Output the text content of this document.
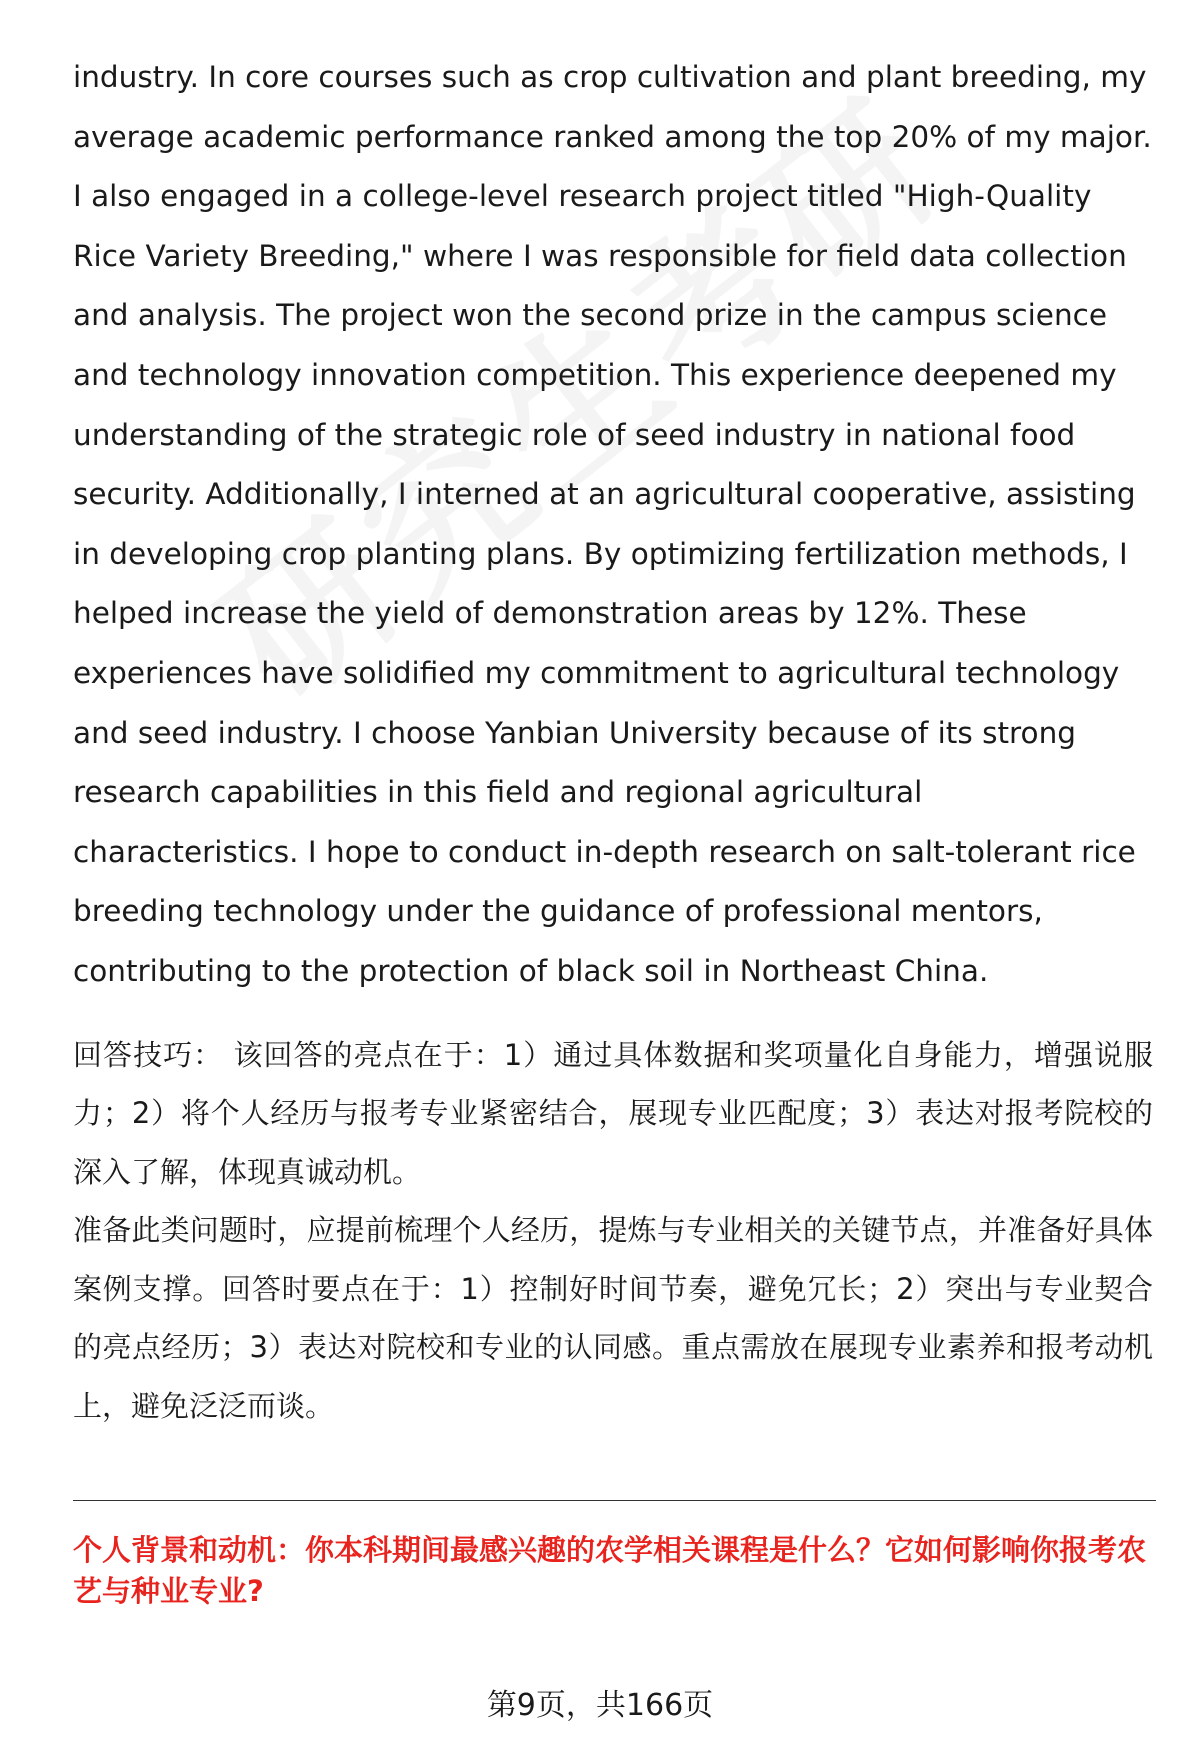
industry. In core courses such as crop cultivation and plant breeding, my average academic performance ranked among the top 20% of my major. I also engaged in a college-level research project titled "High-Quality Rice Variety Breeding," where I was responsible for field data collection and analysis. The project won the second prize in the campus science and technology innovation competition. This experience deepened my understanding of the strategic role of seed industry in national food security. Additionally, I interned at an agricultural cooperative, assisting in developing crop planting plans. By optimizing fertilization methods, I helped increase the yield of demonstration areas by 12%. These experiences have solidified my commitment to agricultural technology and seed industry. I choose Yanbian University because of its strong research capabilities in this field and regional agricultural characteristics. I hope to conduct in-depth research on salt-tolerant rice breeding technology under the guidance of professional mentors, contributing to the protection of black soil in Northeast China.

回答技巧： 该回答的亮点在于：1）通过具体数据和奖项量化自身能力，增强说服力；2）将个人经历与报考专业紧密结合，展现专业匹配度；3）表达对报考院校的深入了解，体现真诚动机。

准备此类问题时，应提前梳理个人经历，提炼与专业相关的关键节点，并准备好具体案例支撑。回答时要点在于：1）控制好时间节奏，避免冗长；2）突出与专业契合的亮点经历；3）表达对院校和专业的认同感。重点需放在展现专业素养和报考动机上，避免泛泛而谈。

个人背景和动机：你本科期间最感兴趣的农学相关课程是什么？它如何影响你报考农艺与种业专业?

第9页，共166页
